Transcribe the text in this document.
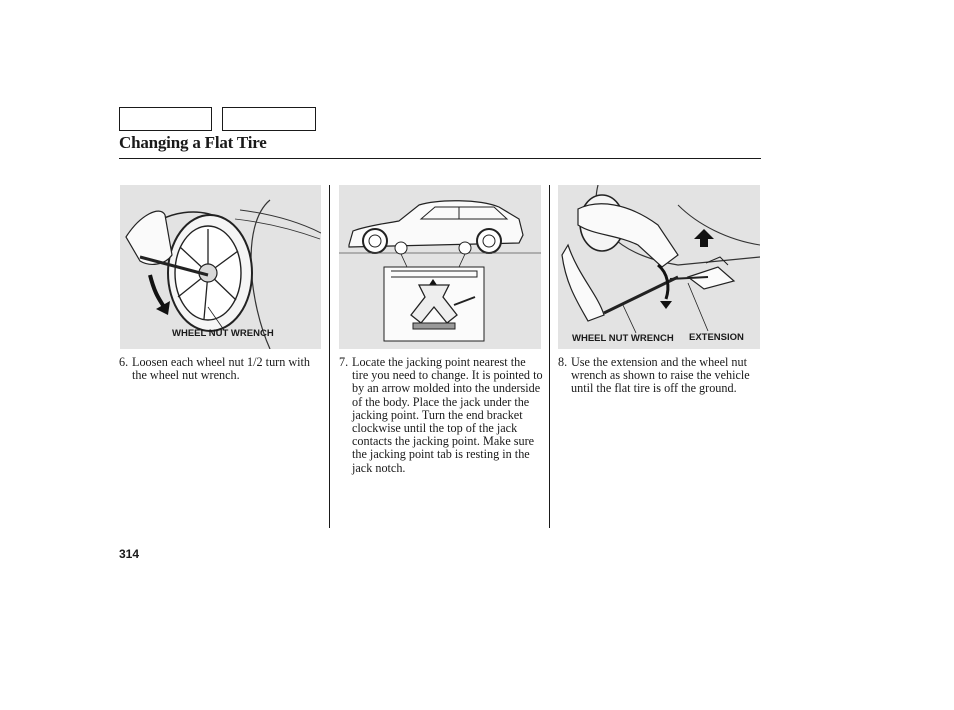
Changing a Flat Tire
WHEEL NUT WRENCH	WHEEL NUT WRENCH EXTENSION
6. Loosen each wheel nut 1/2 turn with the wheel nut wrench.
7. Locate the jacking point nearest the tire you need to change. It is pointed to by an arrow molded into the underside of the body. Place the jack under the jacking point. Turn the end bracket clockwise until the top of the jack contacts the jacking point. Make sure the jacking point tab is resting in the jack notch.
8. Use the extension and the wheel nut wrench as shown to raise the vehicle until the flat tire is off the ground.
314
